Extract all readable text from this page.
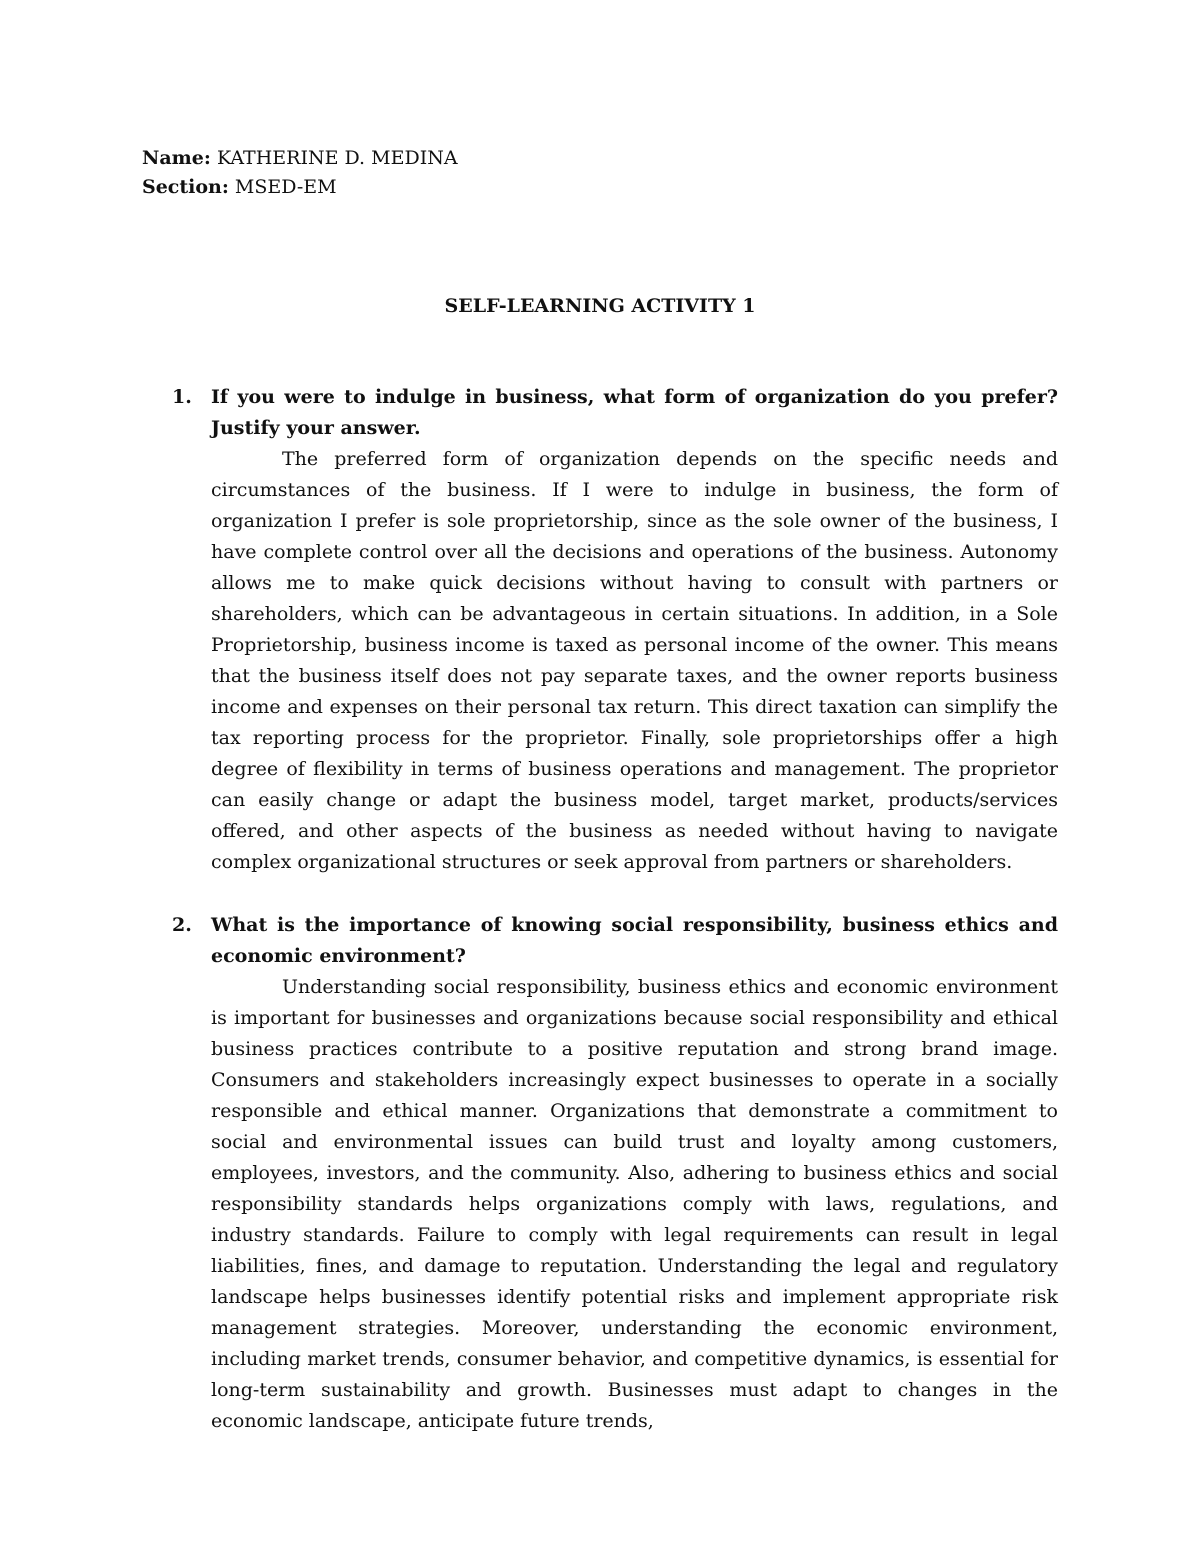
Name: KATHERINE D. MEDINA
Section: MSED-EM
SELF-LEARNING ACTIVITY 1
1. If you were to indulge in business, what form of organization do you prefer? Justify your answer.

The preferred form of organization depends on the specific needs and circumstances of the business. If I were to indulge in business, the form of organization I prefer is sole proprietorship, since as the sole owner of the business, I have complete control over all the decisions and operations of the business. Autonomy allows me to make quick decisions without having to consult with partners or shareholders, which can be advantageous in certain situations. In addition, in a Sole Proprietorship, business income is taxed as personal income of the owner. This means that the business itself does not pay separate taxes, and the owner reports business income and expenses on their personal tax return. This direct taxation can simplify the tax reporting process for the proprietor. Finally, sole proprietorships offer a high degree of flexibility in terms of business operations and management. The proprietor can easily change or adapt the business model, target market, products/services offered, and other aspects of the business as needed without having to navigate complex organizational structures or seek approval from partners or shareholders.

2. What is the importance of knowing social responsibility, business ethics and economic environment?

Understanding social responsibility, business ethics and economic environment is important for businesses and organizations because social responsibility and ethical business practices contribute to a positive reputation and strong brand image. Consumers and stakeholders increasingly expect businesses to operate in a socially responsible and ethical manner. Organizations that demonstrate a commitment to social and environmental issues can build trust and loyalty among customers, employees, investors, and the community. Also, adhering to business ethics and social responsibility standards helps organizations comply with laws, regulations, and industry standards. Failure to comply with legal requirements can result in legal liabilities, fines, and damage to reputation. Understanding the legal and regulatory landscape helps businesses identify potential risks and implement appropriate risk management strategies. Moreover, understanding the economic environment, including market trends, consumer behavior, and competitive dynamics, is essential for long-term sustainability and growth. Businesses must adapt to changes in the economic landscape, anticipate future trends,
